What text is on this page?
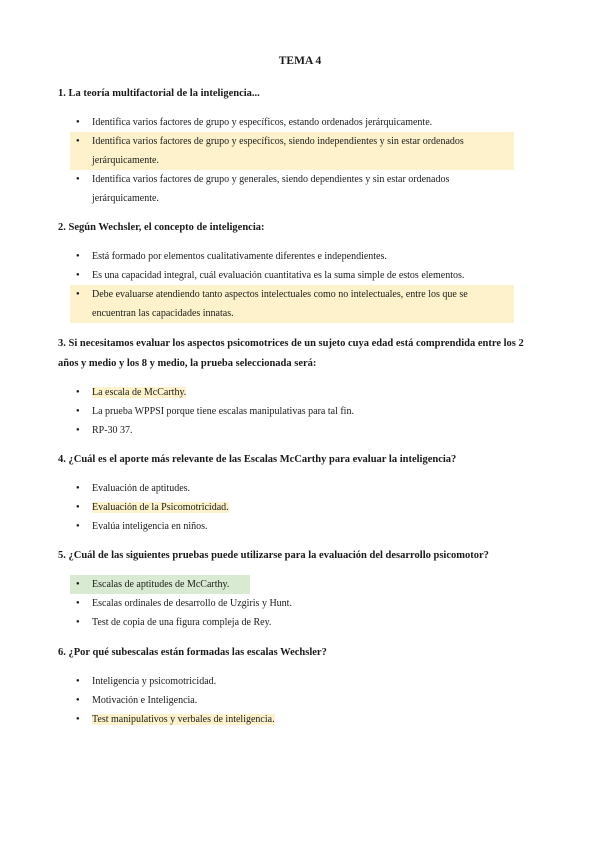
TEMA 4
1. La teoría multifactorial de la inteligencia...
● Identifica varios factores de grupo y específicos, estando ordenados jerárquicamente.
● Identifica varios factores de grupo y específicos, siendo independientes y sin estar ordenados jerárquicamente.
● Identifica varios factores de grupo y generales, siendo dependientes y sin estar ordenados jerárquicamente.
2. Según Wechsler, el concepto de inteligencia:
● Está formado por elementos cualitativamente diferentes e independientes.
● Es una capacidad integral, cuál evaluación cuantitativa es la suma simple de estos elementos.
● Debe evaluarse atendiendo tanto aspectos intelectuales como no intelectuales, entre los que se encuentran las capacidades innatas.
3. Si necesitamos evaluar los aspectos psicomotrices de un sujeto cuya edad está comprendida entre los 2 años y medio y los 8 y medio, la prueba seleccionada será:
● La escala de McCarthy.
● La prueba WPPSI porque tiene escalas manipulativas para tal fin.
● RP-30 37.
4. ¿Cuál es el aporte más relevante de las Escalas McCarthy para evaluar la inteligencia?
● Evaluación de aptitudes.
● Evaluación de la Psicomotricidad.
● Evalúa inteligencia en niños.
5. ¿Cuál de las siguientes pruebas puede utilizarse para la evaluación del desarrollo psicomotor?
● Escalas de aptitudes de McCarthy.
● Escalas ordinales de desarrollo de Uzgiris y Hunt.
● Test de copia de una figura compleja de Rey.
6. ¿Por qué subescalas están formadas las escalas Wechsler?
● Inteligencia y psicomotricidad.
● Motivación e Inteligencia.
● Test manipulativos y verbales de inteligencia.
